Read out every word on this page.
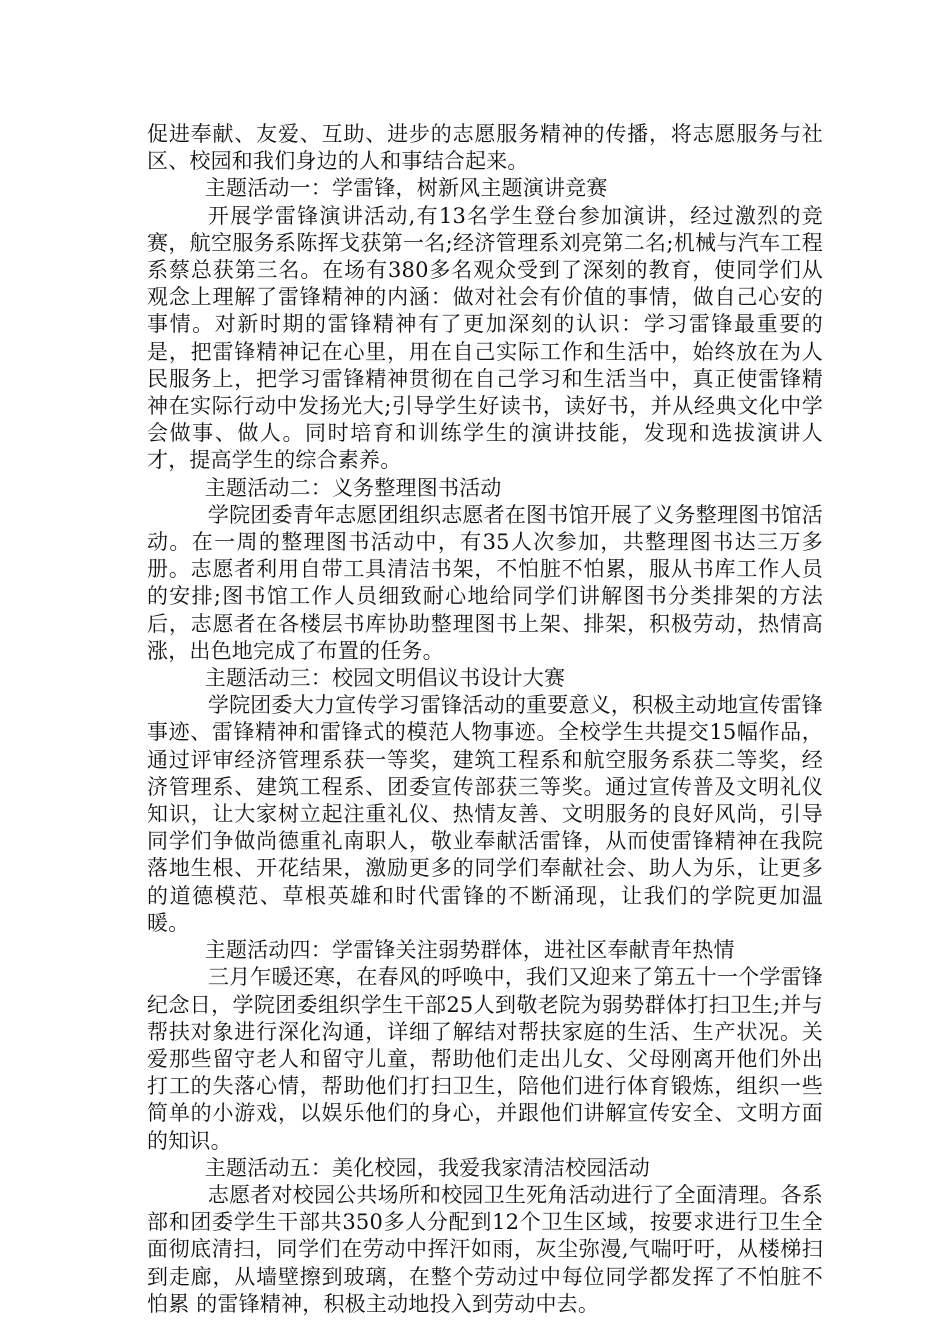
促进奉献、友爱、互助、进步的志愿服务精神的传播，将志愿服务与社区、校园和我们身边的人和事结合起来。

主题活动一：学雷锋，树新风主题演讲竞赛

开展学雷锋演讲活动,有13名学生登台参加演讲，经过激烈的竞赛，航空服务系陈挥戈获第一名;经济管理系刘亮第二名;机械与汽车工程系蔡总获第三名。在场有380多名观众受到了深刻的教育，使同学们从观念上理解了雷锋精神的内涵：做对社会有价值的事情，做自己心安的事情。对新时期的雷锋精神有了更加深刻的认识：学习雷锋最重要的是，把雷锋精神记在心里，用在自己实际工作和生活中，始终放在为人民服务上，把学习雷锋精神贯彻在自己学习和生活当中，真正使雷锋精神在实际行动中发扬光大;引导学生好读书，读好书，并从经典文化中学会做事、做人。同时培育和训练学生的演讲技能，发现和选拔演讲人才，提高学生的综合素养。

主题活动二：义务整理图书活动

学院团委青年志愿团组织志愿者在图书馆开展了义务整理图书馆活动。在一周的整理图书活动中，有35人次参加，共整理图书达三万多册。志愿者利用自带工具清洁书架，不怕脏不怕累，服从书库工作人员的安排;图书馆工作人员细致耐心地给同学们讲解图书分类排架的方法后，志愿者在各楼层书库协助整理图书上架、排架，积极劳动，热情高涨，出色地完成了布置的任务。

主题活动三：校园文明倡议书设计大赛

学院团委大力宣传学习雷锋活动的重要意义，积极主动地宣传雷锋事迹、雷锋精神和雷锋式的模范人物事迹。全校学生共提交15幅作品，通过评审经济管理系获一等奖，建筑工程系和航空服务系获二等奖，经济管理系、建筑工程系、团委宣传部获三等奖。通过宣传普及文明礼仪知识，让大家树立起注重礼仪、热情友善、文明服务的良好风尚，引导同学们争做尚德重礼南职人，敬业奉献活雷锋，从而使雷锋精神在我院落地生根、开花结果，激励更多的同学们奉献社会、助人为乐，让更多的道德模范、草根英雄和时代雷锋的不断涌现，让我们的学院更加温暖。

主题活动四：学雷锋关注弱势群体，进社区奉献青年热情

三月乍暖还寒，在春风的呼唤中，我们又迎来了第五十一个学雷锋纪念日，学院团委组织学生干部25人到敬老院为弱势群体打扫卫生;并与帮扶对象进行深化沟通，详细了解结对帮扶家庭的生活、生产状况。关爱那些留守老人和留守儿童，帮助他们走出儿女、父母刚离开他们外出打工的失落心情，帮助他们打扫卫生，陪他们进行体育锻炼，组织一些简单的小游戏，以娱乐他们的身心，并跟他们讲解宣传安全、文明方面的知识。

主题活动五：美化校园，我爱我家清洁校园活动

志愿者对校园公共场所和校园卫生死角活动进行了全面清理。各系部和团委学生干部共350多人分配到12个卫生区域，按要求进行卫生全面彻底清扫，同学们在劳动中挥汗如雨，灰尘弥漫,气喘吁吁，从楼梯扫到走廊，从墙壁擦到玻璃，在整个劳动过中每位同学都发挥了不怕脏不怕累 的雷锋精神，积极主动地投入到劳动中去。
